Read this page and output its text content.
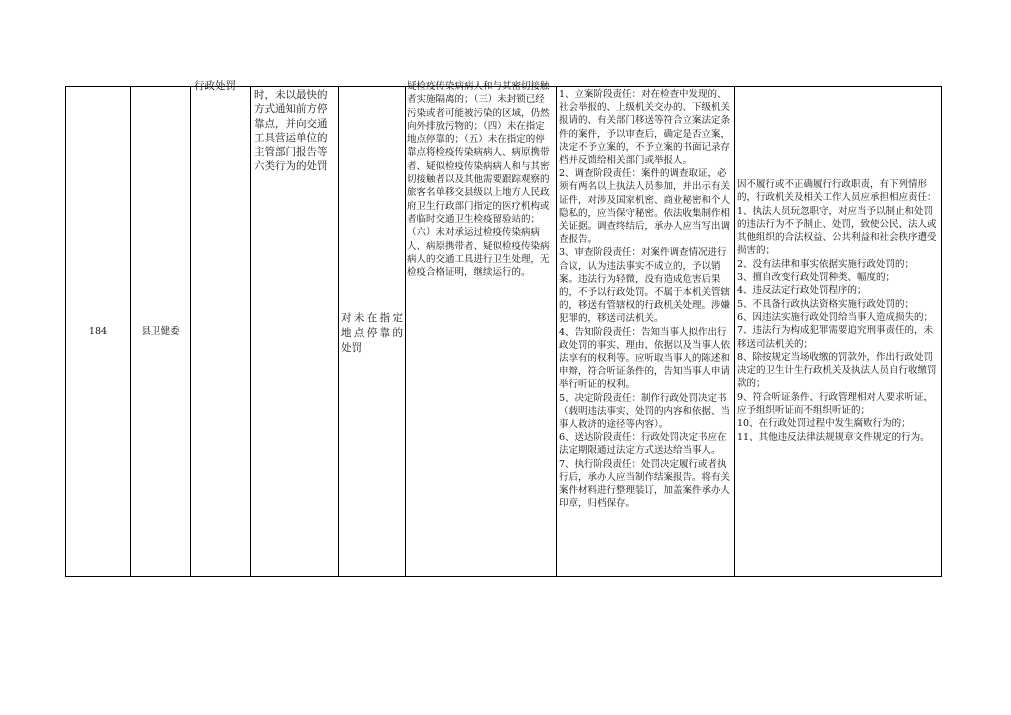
184	县卫健委
行政处罚
时，未以最快的方式通知前方停靠点，并向交通工具营运单位的主管部门报告等六类行为的处罚
对未在指定地点停靠的处罚
疑检疫传染病病人和与其密切接触者实施隔离的；（三）未封锁已经污染或者可能被污染的区域，仍然向外排放污物的；（四）未在指定地点停靠的；（五）未在指定的停靠点将检疫传染病病人、病原携带者、疑似检疫传染病病人和与其密切接触者以及其他需要跟踪观察的旅客名单移交县级以上地方人民政府卫生行政部门指定的医疗机构或者临时交通卫生检疫留验站的；（六）未对承运过检疫传染病病人、病原携带者、疑似检疫传染病病人的交通工具进行卫生处理，无检疫合格证明，继续运行的。
1、立案阶段责任：对在检查中发现的、社会举报的、上级机关交办的、下级机关报请的、有关部门移送等符合立案法定条件的案件，予以审查后，确定是否立案，决定不予立案的，不予立案的书面记录存档并反馈给相关部门或举报人。
2、调查阶段责任：案件的调查取证，必须有两名以上执法人员参加，并出示有关证件，对涉及国家机密、商业秘密和个人隐私的，应当保守秘密。依法收集制作相关证据。调查终结后，承办人应当写出调查报告。
3、审查阶段责任：对案件调查情况进行合议，认为违法事实不成立的，予以销案。违法行为轻微，没有造成危害后果的，不予以行政处罚。不属于本机关管辖的，移送有管辖权的行政机关处理。涉嫌犯罪的，移送司法机关。
4、告知阶段责任：告知当事人拟作出行政处罚的事实、理由、依据以及当事人依法享有的权利等。应听取当事人的陈述和申辩，符合听证条件的，告知当事人申请举行听证的权利。
5、决定阶段责任：制作行政处罚决定书（载明违法事实、处罚的内容和依据、当事人救济的途径等内容）。
6、送达阶段责任：行政处罚决定书应在法定期限通过法定方式送达给当事人。
7、执行阶段责任：处罚决定履行或者执行后，承办人应当制作结案报告。将有关案件材料进行整理装订，加盖案件承办人印章，归档保存。
因不履行或不正确履行行政职责，有下列情形的，行政机关及相关工作人员应承担相应责任：
1、执法人员玩忽职守，对应当予以制止和处罚的违法行为不予制止、处罚，致使公民、法人或其他组织的合法权益、公共利益和社会秩序遭受损害的；
2、没有法律和事实依据实施行政处罚的；
3、擅自改变行政处罚种类、幅度的；
4、违反法定行政处罚程序的；
5、不具备行政执法资格实施行政处罚的；
6、因违法实施行政处罚给当事人造成损失的；
7、违法行为构成犯罪需要追究刑事责任的，未移送司法机关的；
8、除按规定当场收缴的罚款外，作出行政处罚决定的卫生计生行政机关及执法人员自行收缴罚款的；
9、符合听证条件、行政管理相对人要求听证，应予组织听证而不组织听证的；
10、在行政处罚过程中发生腐败行为的；
11、其他违反法律法规规章文件规定的行为。
